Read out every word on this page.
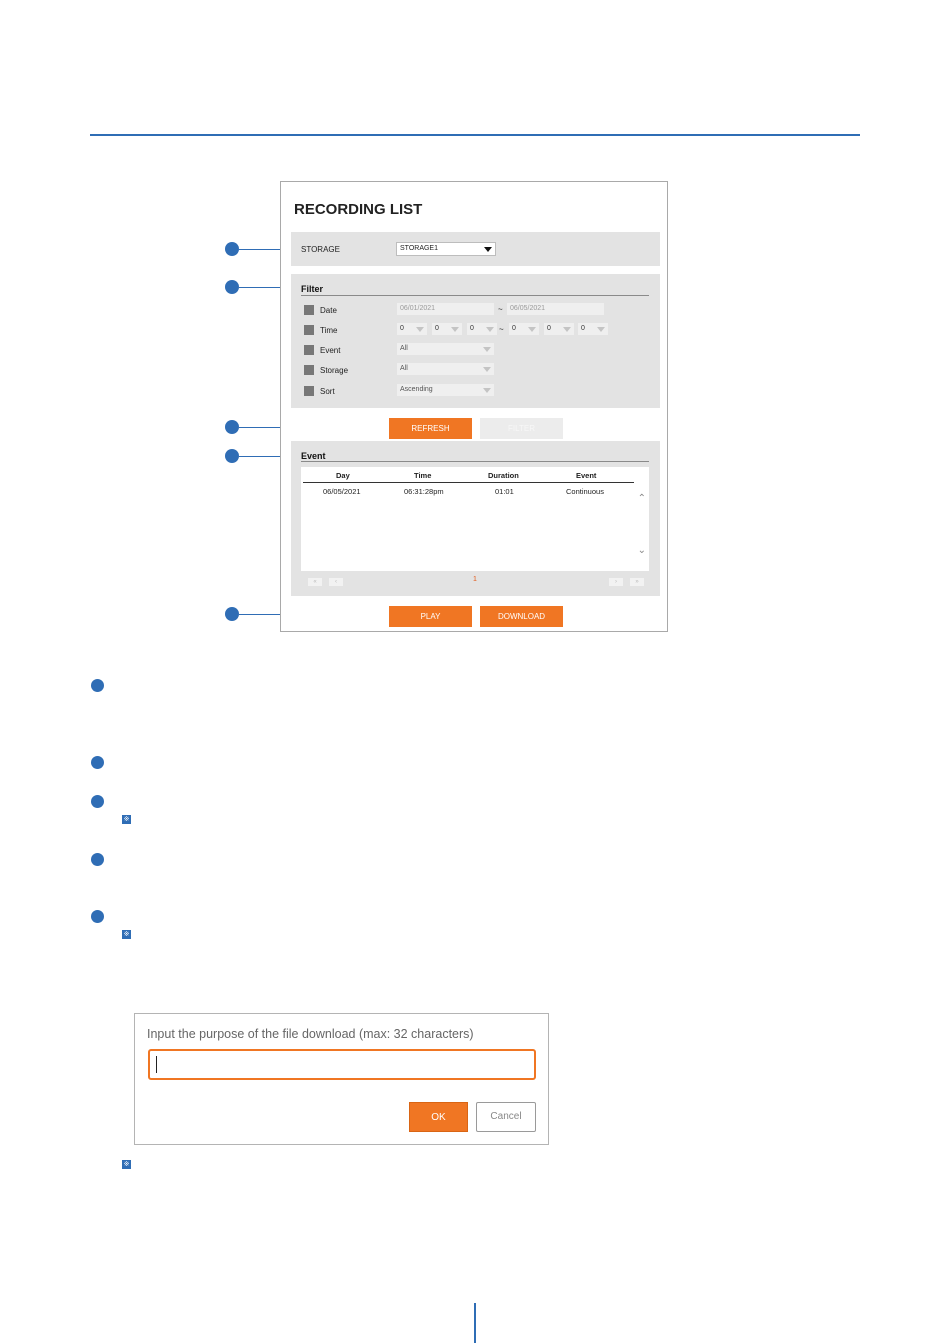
RECORDING LIST
STORAGE	STORAGE1
Filter
Date	06/01/2021	~	06/05/2021
Time	0	0	0	~	0	0	0
Event	All
Storage	All
Sort	Ascending
REFRESH	FILTER
Event
Day	Time	Duration	Event
06/05/2021	06:31:28pm	01:01	Continuous
⌃
⌄
«	‹	1	›	»
PLAY	DOWNLOAD
※
※
Input the purpose of the file download (max: 32 characters)
OK	Cancel
※
